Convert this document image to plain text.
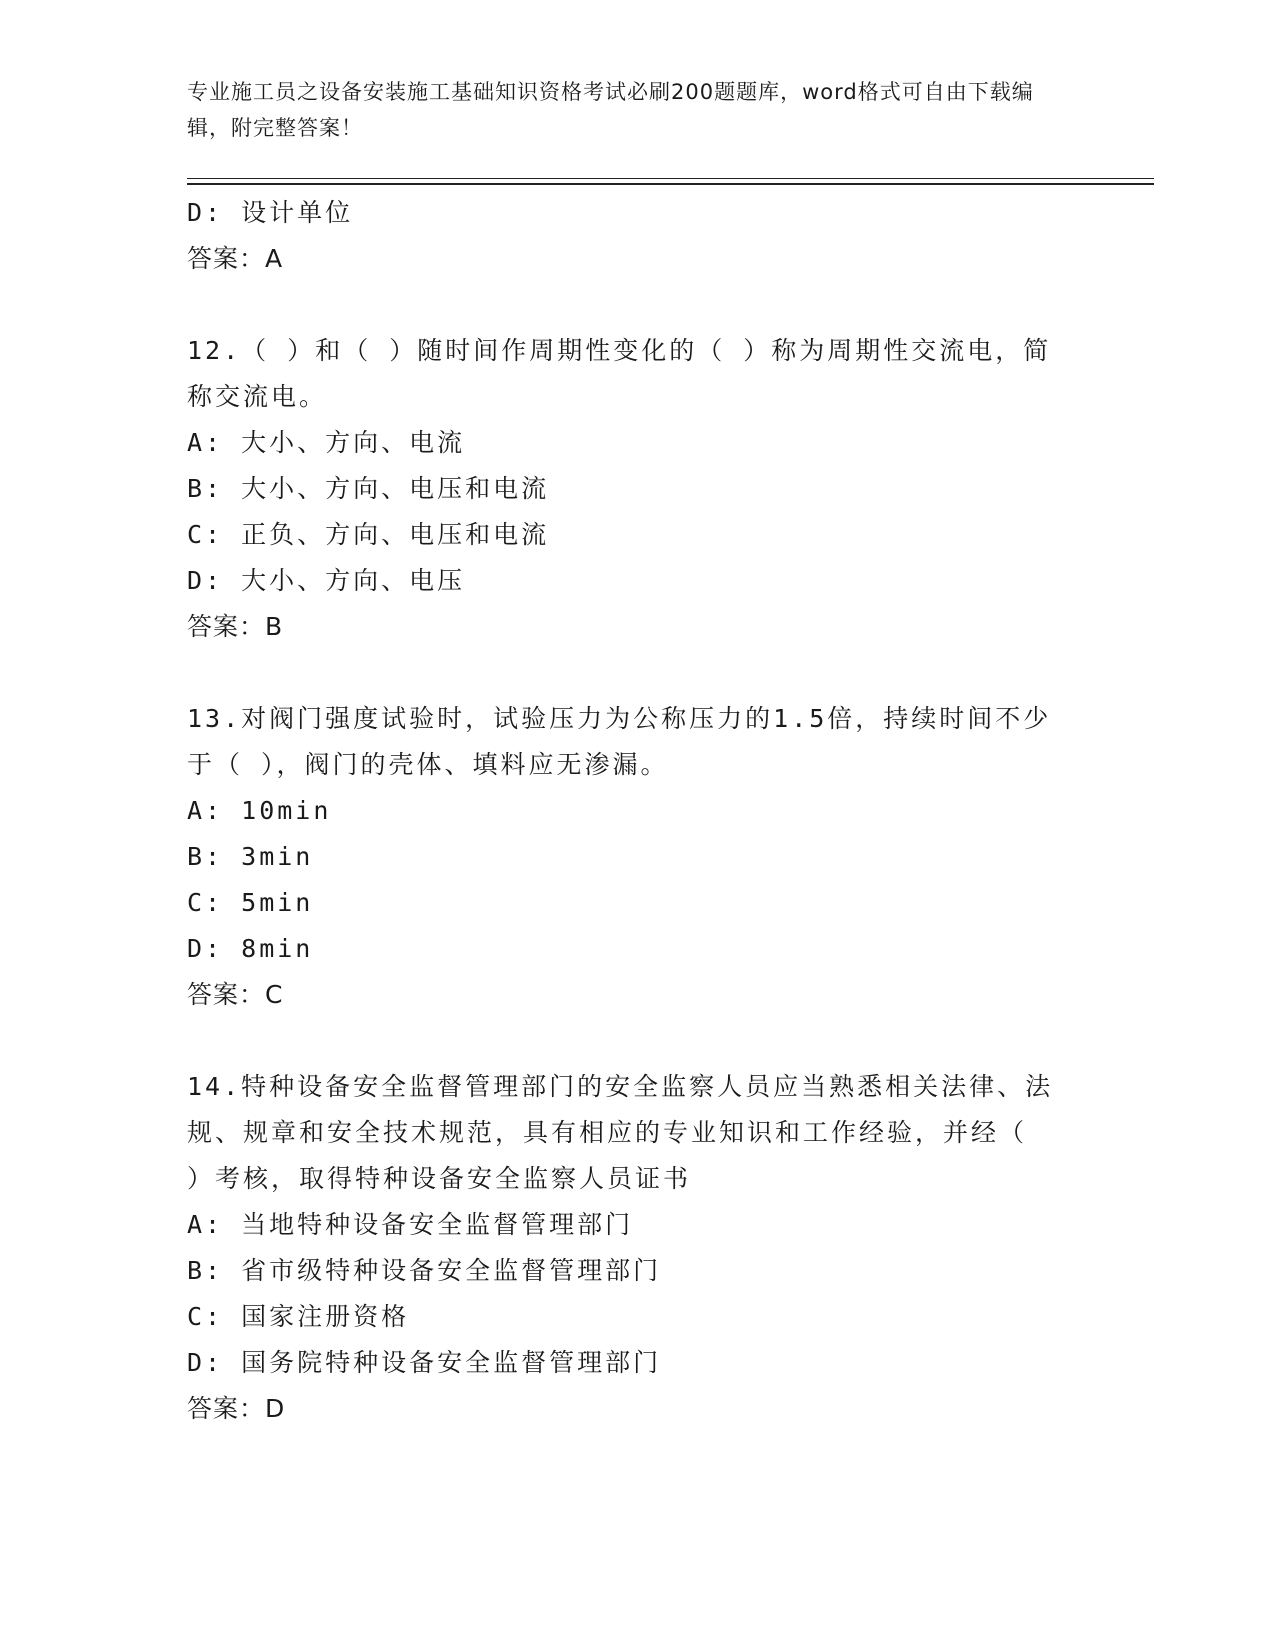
专业施工员之设备安装施工基础知识资格考试必刷200题题库，word格式可自由下载编辑，附完整答案！
D: 设计单位
答案：A
12.（ ）和（ ）随时间作周期性变化的（ ）称为周期性交流电，简
称交流电。
A: 大小、方向、电流
B: 大小、方向、电压和电流
C: 正负、方向、电压和电流
D: 大小、方向、电压
答案：B
13.对阀门强度试验时，试验压力为公称压力的1.5倍，持续时间不少
于（ ），阀门的壳体、填料应无渗漏。
A: 10min
B: 3min
C: 5min
D: 8min
答案：C
14.特种设备安全监督管理部门的安全监察人员应当熟悉相关法律、法
规、规章和安全技术规范，具有相应的专业知识和工作经验，并经（
）考核，取得特种设备安全监察人员证书
A: 当地特种设备安全监督管理部门
B: 省市级特种设备安全监督管理部门
C: 国家注册资格
D: 国务院特种设备安全监督管理部门
答案：D
